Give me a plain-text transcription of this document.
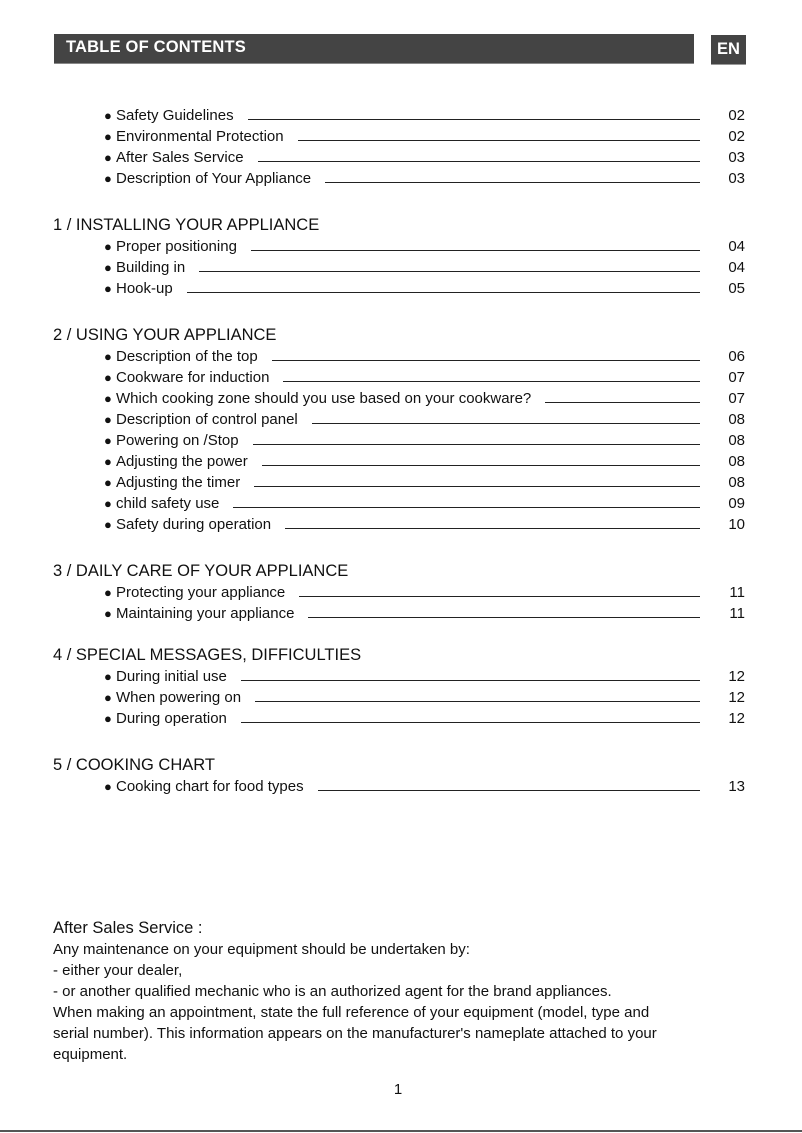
TABLE OF CONTENTS	EN
● Safety Guidelines	02
● Environmental Protection	02
● After Sales Service	03
● Description of Your Appliance	03
1 / INSTALLING YOUR APPLIANCE
● Proper positioning	04
● Building in	04
● Hook-up	05
2 / USING YOUR APPLIANCE
● Description of the top	06
● Cookware for induction	07
● Which cooking zone should you use based on your cookware?	07
● Description of control panel	08
● Powering on /Stop	08
● Adjusting the power	08
● Adjusting the timer	08
● child safety use	09
● Safety during operation	10
3 / DAILY CARE OF YOUR APPLIANCE
● Protecting your appliance	11
● Maintaining your appliance	11
4 / SPECIAL MESSAGES, DIFFICULTIES
● During initial use	12
● When powering on	12
● During operation	12
5 / COOKING CHART
● Cooking chart for food types	13
After Sales Service :

Any maintenance on your equipment should be undertaken by:

- either your dealer,

- or another qualified mechanic who is an authorized agent for the brand appliances.

When making an appointment, state the full reference of your equipment (model, type and

serial number). This information appears on the manufacturer's nameplate attached to your

equipment.

1
